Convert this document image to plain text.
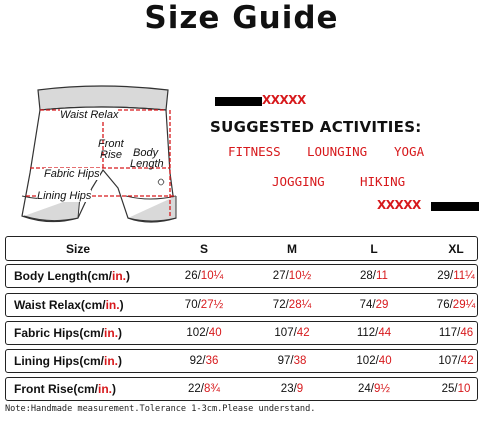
Size Guide
Waist Relax
Front
Rise Body
Length
Fabric Hips
Lining Hips
XXXXX
SUGGESTED ACTIVITIES:
FITNESS LOUNGING YOGA
JOGGING	HIKING
XXXXX
Size	S	M	L	XL
Body Length(cm/ in. )	26/ 10¼	27/ 10½	28/ 11	29/ 11¼
Waist Relax(cm/ in. )	70/ 27½	72/ 28¼	74/ 29	76/ 29¼
Fabric Hips(cm/ in. )	102/ 40	107/ 42	112/ 44	117/ 46
Lining Hips(cm/ in. )	92/ 36	97/ 38	102/ 40	107/ 42
Front Rise(cm/ in. )	22/ 8¾	23/ 9	24/ 9½	25/ 10
Note:Handmade measurement.Tolerance 1-3cm.Please understand.
